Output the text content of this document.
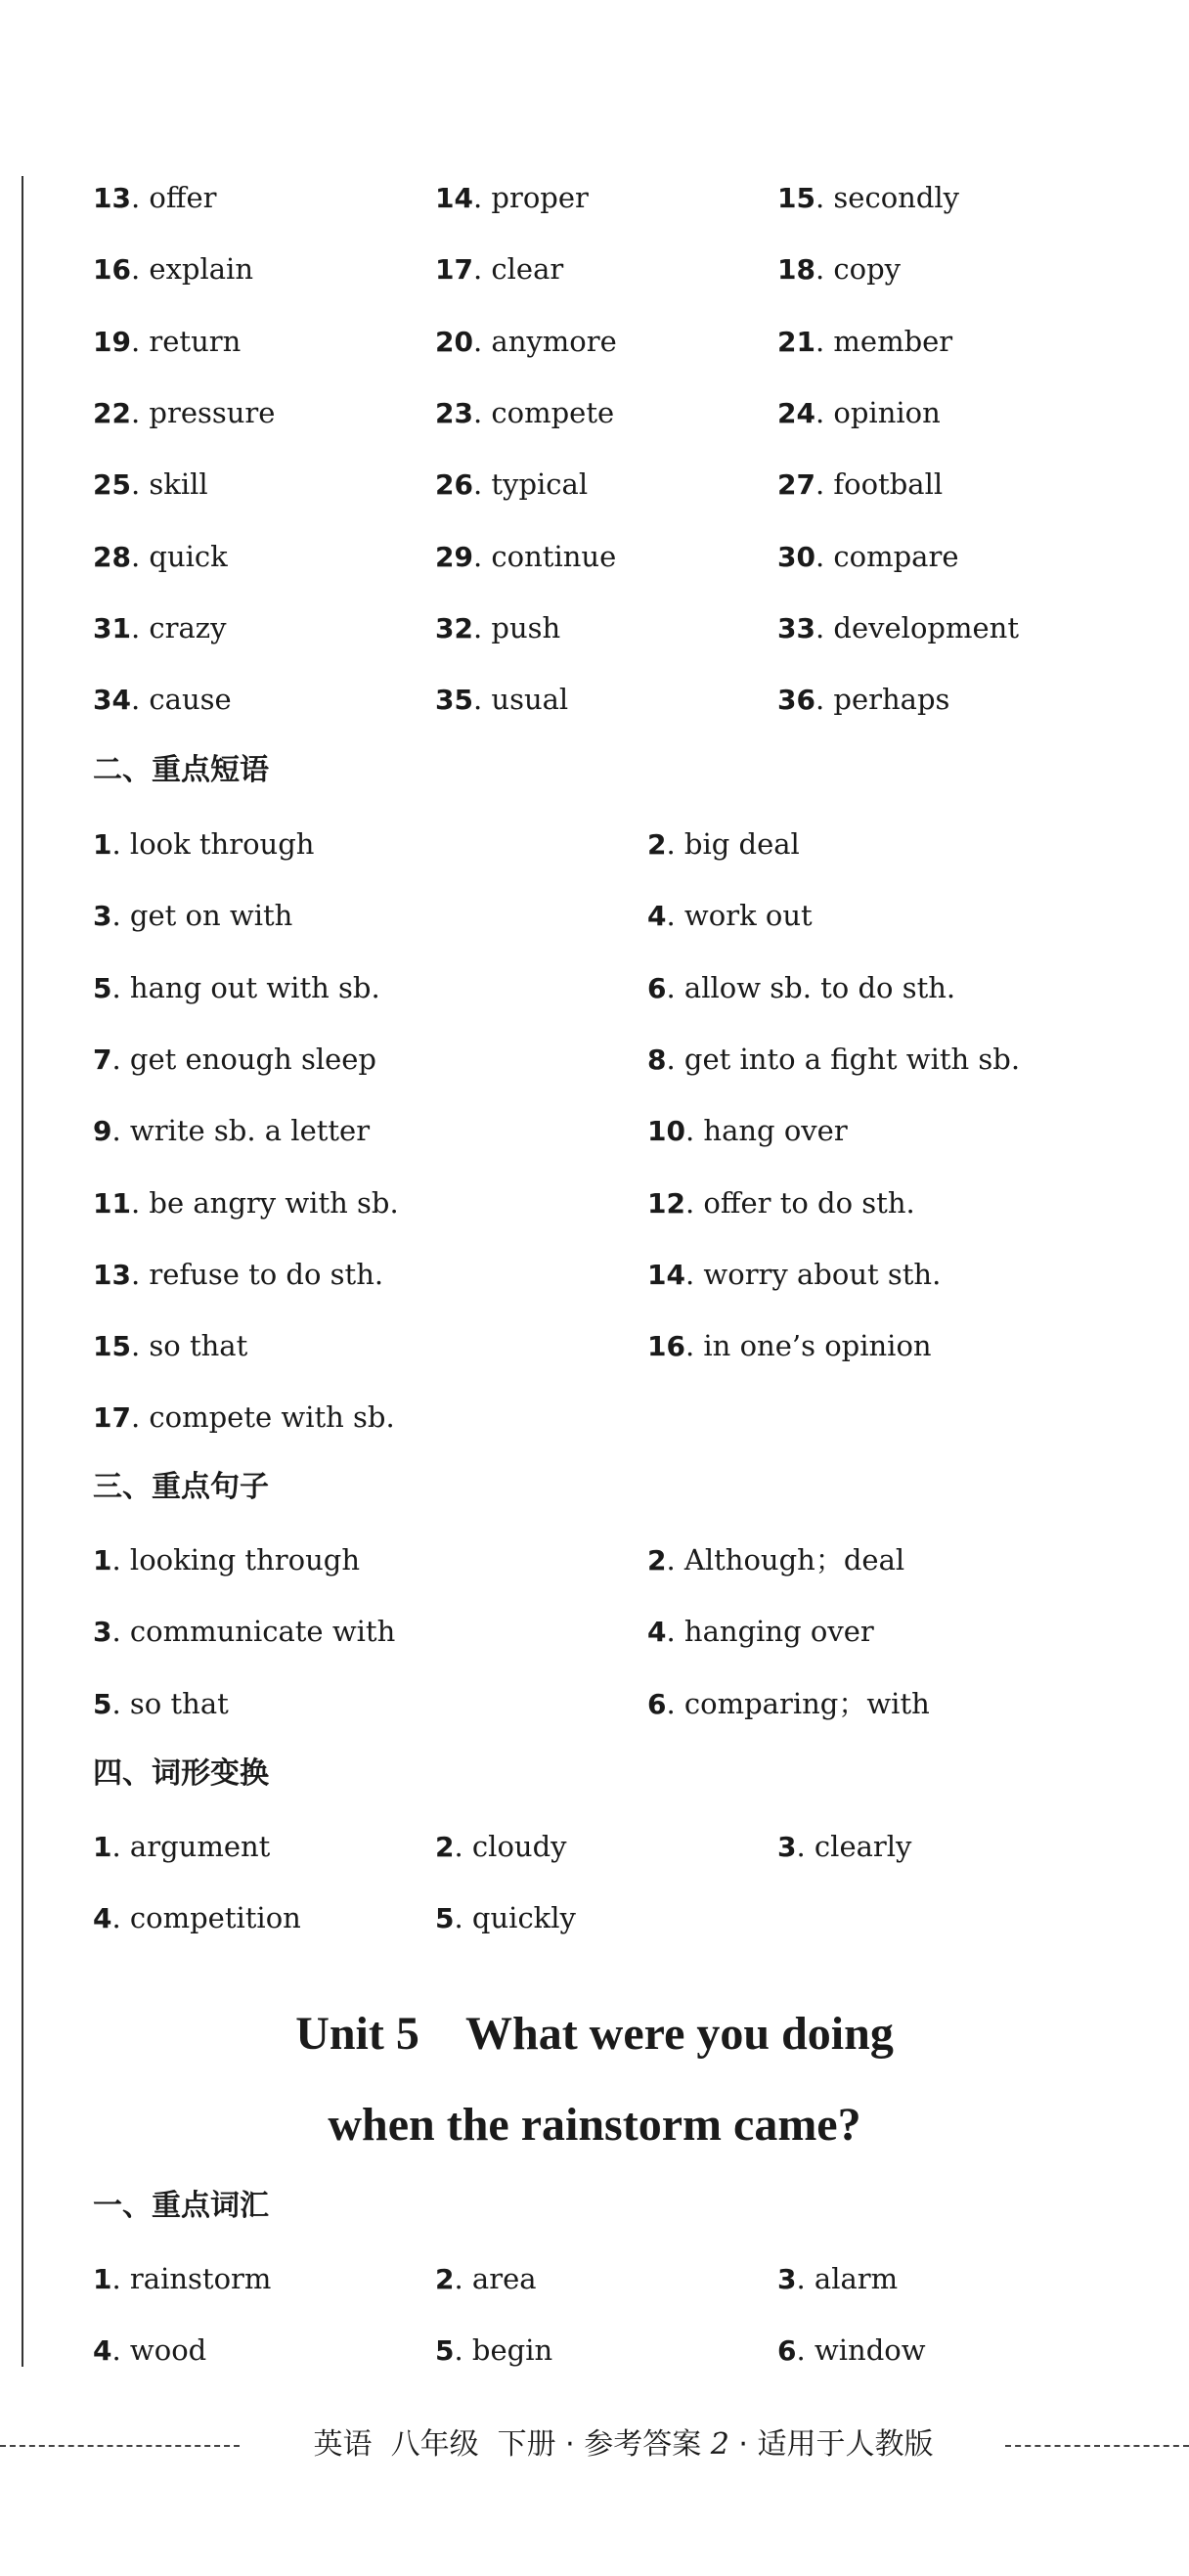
13. offer	14. proper	15. secondly
16. explain	17. clear	18. copy
19. return	20. anymore	21. member
22. pressure	23. compete	24. opinion
25. skill	26. typical	27. football
28. quick	29. continue	30. compare
31. crazy	32. push	33. development
34. cause	35. usual	36. perhaps
二、重点短语
1. look through	2. big deal
3. get on with	4. work out
5. hang out with sb.	6. allow sb. to do sth.
7. get enough sleep	8. get into a fight with sb.
9. write sb. a letter	10. hang over
11. be angry with sb.	12. offer to do sth.
13. refuse to do sth.	14. worry about sth.
15. so that	16. in one’s opinion
17. compete with sb.
三、重点句子
1. looking through	2. Although；deal
3. communicate with	4. hanging over
5. so that	6. comparing；with
四、词形变换
1. argument	2. cloudy	3. clearly
4. competition	5. quickly
Unit 5    What were you doing
when the rainstorm came?
一、重点词汇
1. rainstorm	2. area	3. alarm
4. wood	5. begin	6. window
英语  八年级  下册 · 参考答案 2 · 适用于人教版
